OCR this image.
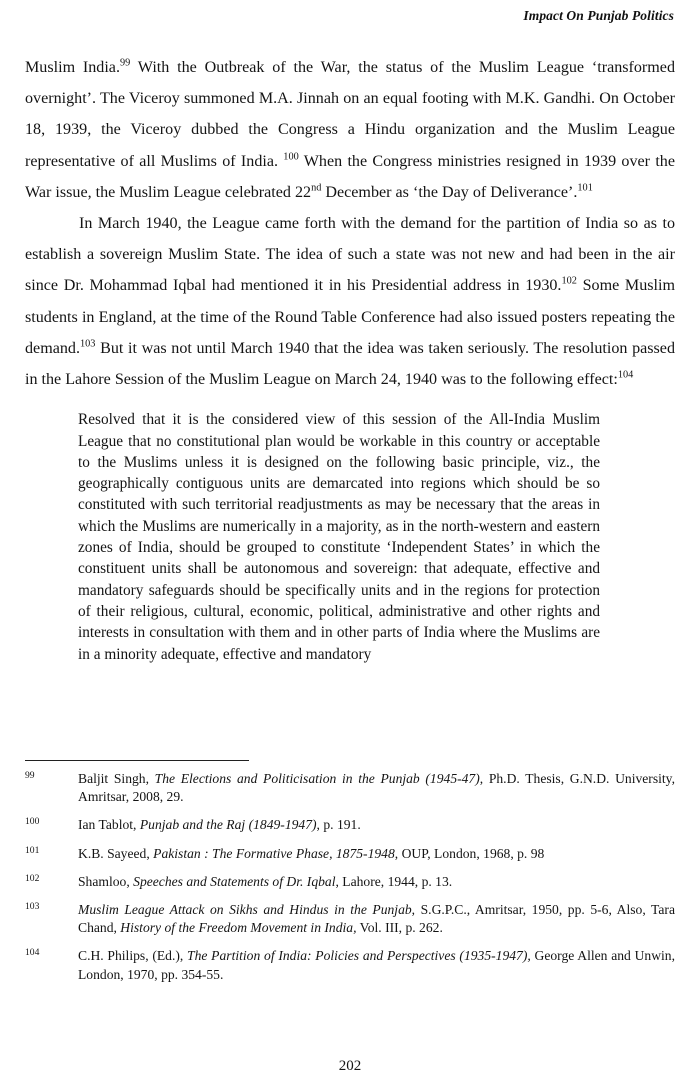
Impact On Punjab Politics

Muslim India.$^{99}$ With the Outbreak of the War, the status of the Muslim League ‘transformed overnight’. The Viceroy summoned M.A. Jinnah on an equal footing with M.K. Gandhi. On October 18, 1939, the Viceroy dubbed the Congress a Hindu organization and the Muslim League representative of all Muslims of India. $^{100}$ When the Congress ministries resigned in 1939 over the War issue, the Muslim League celebrated 22nd December as ‘the Day of Deliverance’.$^{101}$

In March 1940, the League came forth with the demand for the partition of India so as to establish a sovereign Muslim State. The idea of such a state was not new and had been in the air since Dr. Mohammad Iqbal had mentioned it in his Presidential address in 1930.$^{102}$ Some Muslim students in England, at the time of the Round Table Conference had also issued posters repeating the demand.$^{103}$ But it was not until March 1940 that the idea was taken seriously. The resolution passed in the Lahore Session of the Muslim League on March 24, 1940 was to the following effect:$^{104}$

Resolved that it is the considered view of this session of the All-India Muslim League that no constitutional plan would be workable in this country or acceptable to the Muslims unless it is designed on the following basic principle, viz., the geographically contiguous units are demarcated into regions which should be so constituted with such territorial readjustments as may be necessary that the areas in which the Muslims are numerically in a majority, as in the north-western and eastern zones of India, should be grouped to constitute ‘Independent States’ in which the constituent units shall be autonomous and sovereign: that adequate, effective and mandatory safeguards should be specifically units and in the regions for protection of their religious, cultural, economic, political, administrative and other rights and interests in consultation with them and in other parts of India where the Muslims are in a minority adequate, effective and mandatory
99	Baljit Singh, The Elections and Politicisation in the Punjab (1945-47), Ph.D. Thesis, G.N.D. University, Amritsar, 2008, 29.
100	Ian Tablot, Punjab and the Raj (1849-1947), p. 191.
101	K.B. Sayeed, Pakistan : The Formative Phase, 1875-1948, OUP, London, 1968, p. 98
102	Shamloo, Speeches and Statements of Dr. Iqbal, Lahore, 1944, p. 13.
103	Muslim League Attack on Sikhs and Hindus in the Punjab, S.G.P.C., Amritsar, 1950, pp. 5-6, Also, Tara Chand, History of the Freedom Movement in India, Vol. III, p. 262.
104	C.H. Philips, (Ed.), The Partition of India: Policies and Perspectives (1935-1947), George Allen and Unwin, London, 1970, pp. 354-55.
202
